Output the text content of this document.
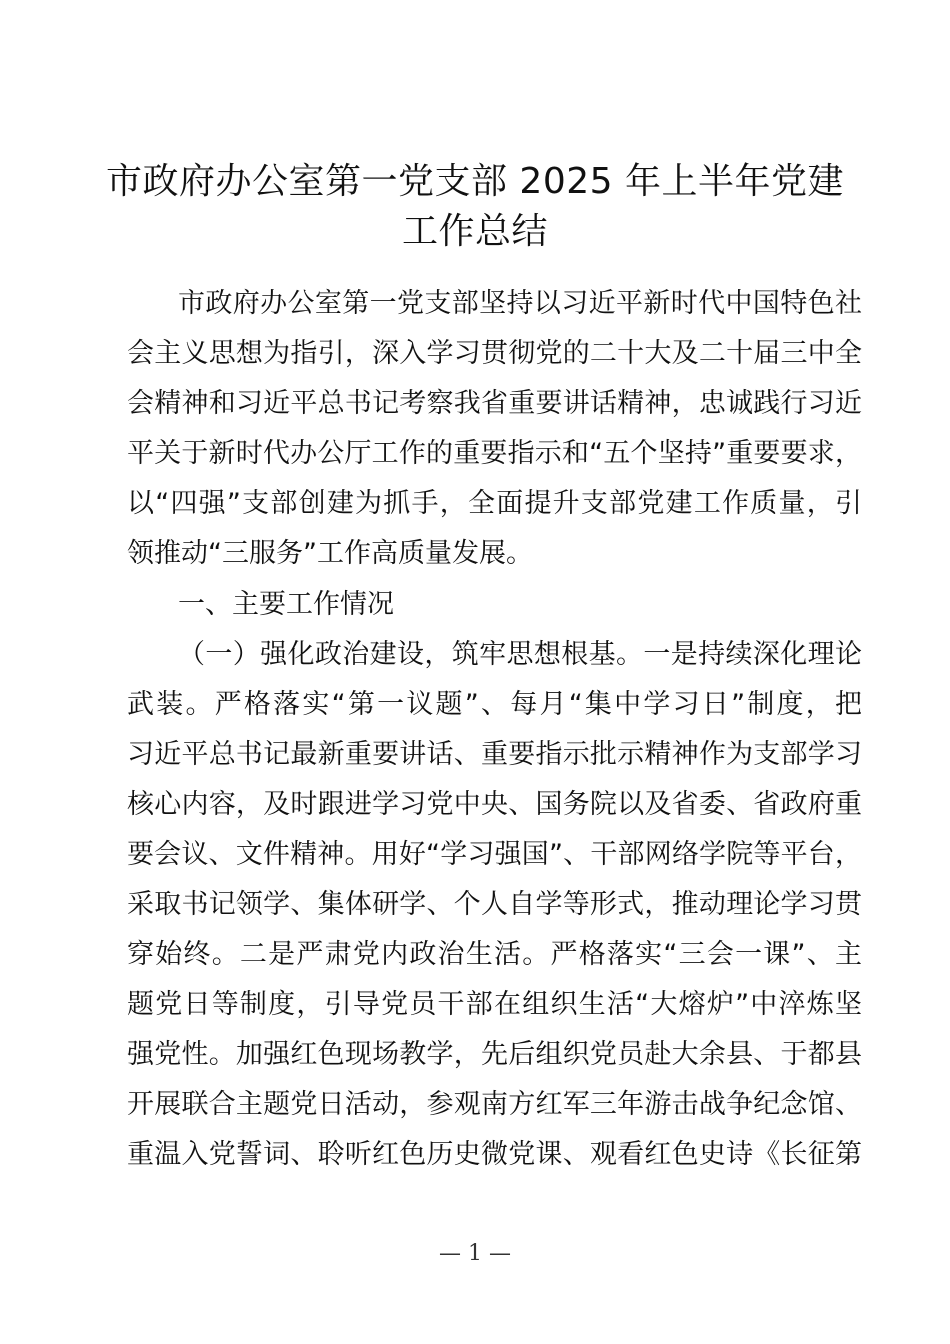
市政府办公室第一党支部 2025 年上半年党建
工作总结
市政府办公室第一党支部坚持以习近平新时代中国特色社
会主义思想为指引，深入学习贯彻党的二十大及二十届三中全
会精神和习近平总书记考察我省重要讲话精神，忠诚践行习近
平关于新时代办公厅工作的重要指示和“五个坚持”重要要求，
以“四强”支部创建为抓手，全面提升支部党建工作质量，引
领推动“三服务”工作高质量发展。
一、主要工作情况
（一）强化政治建设，筑牢思想根基。一是持续深化理论
武装。严格落实“第一议题”、每月“集中学习日”制度，把
习近平总书记最新重要讲话、重要指示批示精神作为支部学习
核心内容，及时跟进学习党中央、国务院以及省委、省政府重
要会议、文件精神。用好“学习强国”、干部网络学院等平台，
采取书记领学、集体研学、个人自学等形式，推动理论学习贯
穿始终。二是严肃党内政治生活。严格落实“三会一课”、主
题党日等制度，引导党员干部在组织生活“大熔炉”中淬炼坚
强党性。加强红色现场教学，先后组织党员赴大余县、于都县
开展联合主题党日活动，参观南方红军三年游击战争纪念馆、
重温入党誓词、聆听红色历史微党课、观看红色史诗《长征第
— 1 —
